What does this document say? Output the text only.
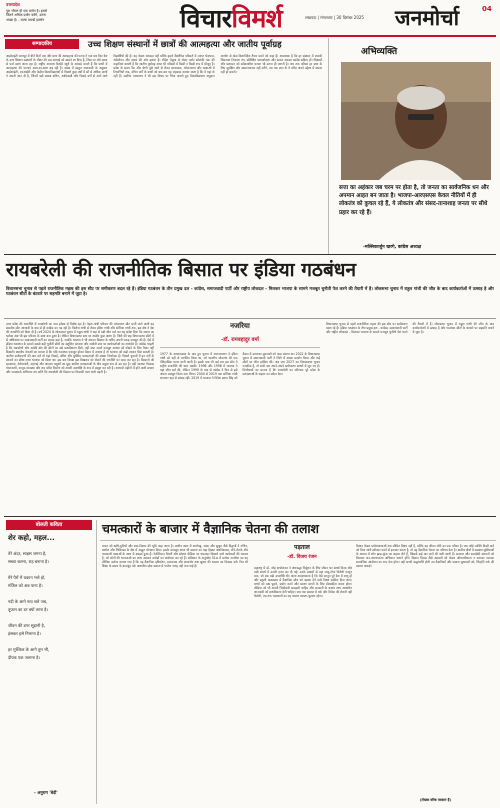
उत्तरप्रदेश
पूरा जीवन ही एक प्रयोग है। इससे
जितने अधिक प्रयोग करेंगे, उतना
अच्छा है। - राल्फ वाल्डो इमर्सन	विचारविमर्श	लखनऊ | मंगलवार | 30 दिसंबर 2025 जनमोर्चा	04
सम्पादकीय	उच्च शिक्षण संस्थानों में छात्रों की आत्महत्या और जातीय पूर्वाग्रह
आईआईटी कानपुर में बीते दिनों एक और छात्र की आत्महत्या की घटना ने एक बार फिर देश के उच्च शिक्षण संस्थानों के भीतर की उस सच्चाई को सामने ला दिया है, जिस पर लंबे समय से पर्दा डाला जाता रहा है। राष्ट्रीय अपराध रिकॉर्ड ब्यूरो के आंकड़े बताते हैं कि छात्रों में आत्महत्या की घटनाएं साल-दर-साल बढ़ रही हैं। संसद में प्रस्तुत जानकारी के अनुसार आईआईटी, एनआईटी और केंद्रीय विश्वविद्यालयों में पिछले कुछ वर्षों में सौ से अधिक छात्रों ने अपनी जान दी है, जिनमें बड़ी संख्या दलित, आदिवासी और पिछड़े वर्गों से आने वाले विद्यार्थियों की है। यह केवल आंकड़ा नहीं बल्कि हमारे शैक्षणिक परिसरों में व्याप्त भेदभाव, अकेलेपन और दबाव की ओर इशारा है। रोहित वेमुला से लेकर दर्शन सोलंकी तक की कहानियां बताती हैं कि जातीय पूर्वाग्रह आज भी परिसरों में किसी न किसी रूप में मौजूद है। प्रवेश के समय रैंक और श्रेणी पूछे जाने से लेकर छात्रावास, भोजनालय और कक्षाओं में टिप्पणियों तक, वंचित वर्गों के छात्रों को बार-बार यह एहसास कराया जाता है कि वे यहां के नहीं हैं। सर्वोच्च न्यायालय ने भी इस विषय पर चिंता जताते हुए विश्वविद्यालय अनुदान आयोग से ठोस दिशानिर्देश तैयार करने को कहा है। आवश्यक है कि हर संस्थान में प्रभावी शिकायत निवारण तंत्र, प्रशिक्षित परामर्शदाता और समान अवसर प्रकोष्ठ सक्रिय हों। शिक्षकों और प्रशासन को संवेदनशील बनाना भी उतना ही जरूरी है। जब तक परिसर हर छात्र के लिए सुरक्षित और सम्मानजनक नहीं बनेंगे, तब तक ज्ञान के ये मंदिर अपने उद्देश्य में सफल नहीं हो सकते।
अभिव्यक्ति
सत्ता का अहंकार जब चरम पर होता है, तो जनता का सार्वजनिक धन और अपमान आहत बन जाता है। भाजपा-आरएसएस केवल नीतियों में ही लोकतंत्र को कुचल रहे हैं, ये लोकतंत्र और संसद-तानाशाह जनता पर सीधे प्रहार कर रहे हैं।
-मल्लिकार्जुन खरगे, कांग्रेस अध्यक्ष
रायबरेली की राजनीतिक बिसात पर इंडिया गठबंधन
विधानसभा चुनाव से पहले राजनीतिक महत्व की इस सीट पर समीकरण बदल रहे हैं। इंडिया गठबंधन के तीन प्रमुख दल - कांग्रेस, समाजवादी पार्टी और राष्ट्रीय लोकदल - मिलकर भाजपा के सामने मजबूत चुनौती पेश करने की तैयारी में हैं। लोकसभा चुनाव में राहुल गांधी की जीत के बाद कार्यकर्ताओं में उत्साह है और गठबंधन सीटों के बंटवारे पर सहमति बनाने में जुटा है।
नजरिया
-डॉ. रामबहादुर वर्मा
उत्तर प्रदेश की राजनीति में रायबरेली का नाम हमेशा से विशेष रहा है। नेहरू-गांधी परिवार की परंपरागत सीट मानी जाने वाली यह संसदीय सीट आजादी के बाद से ही कांग्रेस का गढ़ रही है। फिरोज गांधी से लेकर इंदिरा गांधी और सोनिया गांधी तक, इस क्षेत्र ने देश की राजनीति को दिशा दी है। वर्ष 2024 के लोकसभा चुनाव में राहुल गांधी ने यहां से बड़ी जीत दर्ज कर यह संदेश दिया कि जनता का भरोसा अब भी इस परिवार के साथ बना हुआ है। लेकिन विधानसभा स्तर पर तस्वीर कुछ अलग है। जिले की छह विधानसभा सीटों में से अधिकांश पर समाजवादी पार्टी का प्रभाव बढ़ा है, जबकि भाजपा ने भी संगठन विस्तार के जरिए अपनी पकड़ मजबूत की है। ऐसे में इंडिया गठबंधन के सामने सबसे बड़ी चुनौती सीटों का संतुलित बंटवारा और जमीनी स्तर पर कार्यकर्ताओं का तालमेल है। कांग्रेस चाहती है कि रायबरेली और अमेठी क्षेत्र की सीटों पर उसे प्राथमिकता मिले, वहीं सपा अपने मजबूत आधार को छोड़ने के लिए तैयार नहीं दिखती। स्थानीय नेताओं का मानना है कि यदि गठबंधन एकजुट होकर मैदान में उतरता है तो भाजपा को कड़ी टक्कर मिल सकती है। जातीय समीकरणों की बात करें तो यहां पिछड़े, दलित और मुस्लिम मतदाताओं की संख्या निर्णायक है। पिछले चुनावों में इन वर्गों के बंटवारे का सीधा लाभ भाजपा को मिला था। इस बार विपक्ष इस बिखराव को रोकने की रणनीति पर काम कर रहा है। किसानों की समस्याएं, बेरोजगारी, महंगाई और आवारा पशुओं का मुद्दा ग्रामीण मतदाताओं के बीच प्रमुख रूप से उठ रहा है। वहीं भाजपा विकास योजनाओं, कानून-व्यवस्था और राम मंदिर निर्माण को अपनी उपलब्धि के रूप में प्रस्तुत कर रही है। आगामी महीनों में होने वाली सभाएं और जनसंपर्क अभियान तय करेंगे कि रायबरेली की बिसात पर किसकी चाल भारी पड़ती है।
1977 के आपातकाल के बाद हुए चुनाव में राजनारायण ने इंदिरा गांधी को यहीं से पराजित किया था, जो भारतीय लोकतंत्र की एक ऐतिहासिक घटना मानी जाती है। इसके बाद भी कई बार इस सीट ने राष्ट्रीय राजनीति की धारा बदली। 1996 और 1998 में भाजपा ने यहां जीत दर्ज की, लेकिन 1999 के बाद से कांग्रेस ने फिर से इसे अपना मजबूत किला बना लिया। 2004 से 2019 तक सोनिया गांधी लगातार यहां से सांसद रहीं। 2019 में भाजपा ने दिनेश प्रताप सिंह को मैदान में उतारकर मुकाबले को कड़ा बनाया था। 2022 के विधानसभा चुनाव में समाजवादी पार्टी ने जिले में अच्छा प्रदर्शन किया और कई सीटों पर जीत हासिल की। अब जब 2027 का विधानसभा चुनाव नजदीक है, तो सभी दल अपने-अपने समीकरण साधने में जुट गए हैं। विश्लेषकों का मानना है कि रायबरेली का परिणाम पूरे प्रदेश के मतदाताओं के रुझान का संकेत देगा।
विधानसभा चुनाव से पहले राजनीतिक महत्व की इस सीट पर समीकरण बदल रहे हैं। इंडिया गठबंधन के तीन प्रमुख दल - कांग्रेस, समाजवादी पार्टी और राष्ट्रीय लोकदल - मिलकर भाजपा के सामने मजबूत चुनौती पेश करने की तैयारी में हैं। लोकसभा चुनाव में राहुल गांधी की जीत के बाद कार्यकर्ताओं में उत्साह है और गठबंधन सीटों के बंटवारे पर सहमति बनाने में जुटा है।
बोलती कविता
शेर कहो, महल...
तेरे अंदर, साहस जगना है,
सच्चा चलना, राह बनाना है।
मेरे पैरों में थकान भले हो,
मंजिल को अब पाना है।
नदी के आगे नाव चले जब,
तूफान का डर क्यों लाना है।
जीवन की डगर सुहानी है,
हंसकर इसे निभाना है।
हर मुश्किल के आगे तुम भी,
दीपक एक जलाना है।
- अनुराग 'बेदी'
चमत्कारों के बाजार में वैज्ञानिक चेतना की तलाश
पड़ताल
-डॉ. विजय रंजन
भारत को ऋषि-मुनियों और ज्ञान-विज्ञान की भूमि कहा जाता है। प्राचीन काल में आर्यभट्ट, चरक और सुश्रुत जैसे विद्वानों ने गणित, खगोल और चिकित्सा के क्षेत्र में अद्भुत योगदान दिया। इसके बावजूद आज भी समाज का बड़ा हिस्सा अंधविश्वास, टोने-टोटके और चमत्कारी बाबाओं के जाल में उलझा हुआ है। टेलीविजन चैनलों और सोशल मीडिया पर चमत्कार दिखाने वाले कार्यक्रमों की भरमार है, जो लोगों की भावनाओं का लाभ उठाकर करोड़ों का कारोबार कर रहे हैं। संविधान के अनुच्छेद 51क में प्रत्येक नागरिक का यह मौलिक कर्तव्य बताया गया है कि वह वैज्ञानिक दृष्टिकोण, मानववाद और ज्ञानार्जन तथा सुधार की भावना का विकास करे। फिर भी शिक्षा के प्रसार के बावजूद तर्क आधारित सोच समाज में पर्याप्त जगह नहीं बना पाई है।	महाराष्ट्र में डॉ. नरेंद्र दाभोलकर ने अंधश्रद्धा निर्मूलन के लिए जीवन भर संघर्ष किया और उसी संघर्ष में उनकी हत्या कर दी गई। उनके प्रयासों से वहां जादू-टोना विरोधी कानून बना, जो एक बड़ी उपलब्धि थी। आज आवश्यकता है कि ऐसे कानून पूरे देश में लागू हों और स्कूली पाठ्यक्रम में वैज्ञानिक सोच को बढ़ावा देने वाले विषय शामिल किए जाएं। बच्चों को प्रश्न पूछने, प्रयोग करने और प्रमाण मांगने के लिए प्रोत्साहित करना होगा। मीडिया को भी अपनी जिम्मेदारी समझनी चाहिए और सनसनी के बजाय तथ्य आधारित जानकारी को प्राथमिकता देनी चाहिए। जब तक समाज में तर्क और विवेक की रोशनी नहीं फैलेगी, तब तक चमत्कारों का यह बाजार फलता-फूलता रहेगा।
विज्ञान केवल प्रयोगशालाओं तक सीमित विषय नहीं है, बल्कि यह जीवन जीने का एक तरीका है। जब कोई व्यक्ति किसी दावे को बिना जांचे स्वीकार करने से इनकार करता है, तो वह वैज्ञानिक चेतना का परिचय देता है। ग्रामीण क्षेत्रों में स्वास्थ्य सुविधाओं के अभाव में लोग झाड़-फूंक का सहारा लेते हैं, जिससे कई बार जानें भी चली जाती हैं। सरकार और स्वयंसेवी संगठनों को मिलकर जन-जागरूकता अभियान चलाने होंगे। विज्ञान दिवस जैसे अवसरों को केवल औपचारिकता न बनाकर व्यापक सामाजिक आंदोलन का रूप देना होगा। यही सच्ची श्रद्धांजलि होगी उन वैज्ञानिकों और समाज सुधारकों को, जिन्होंने तर्क की मशाल जलाई।
(लेखक वरिष्ठ पत्रकार हैं)
